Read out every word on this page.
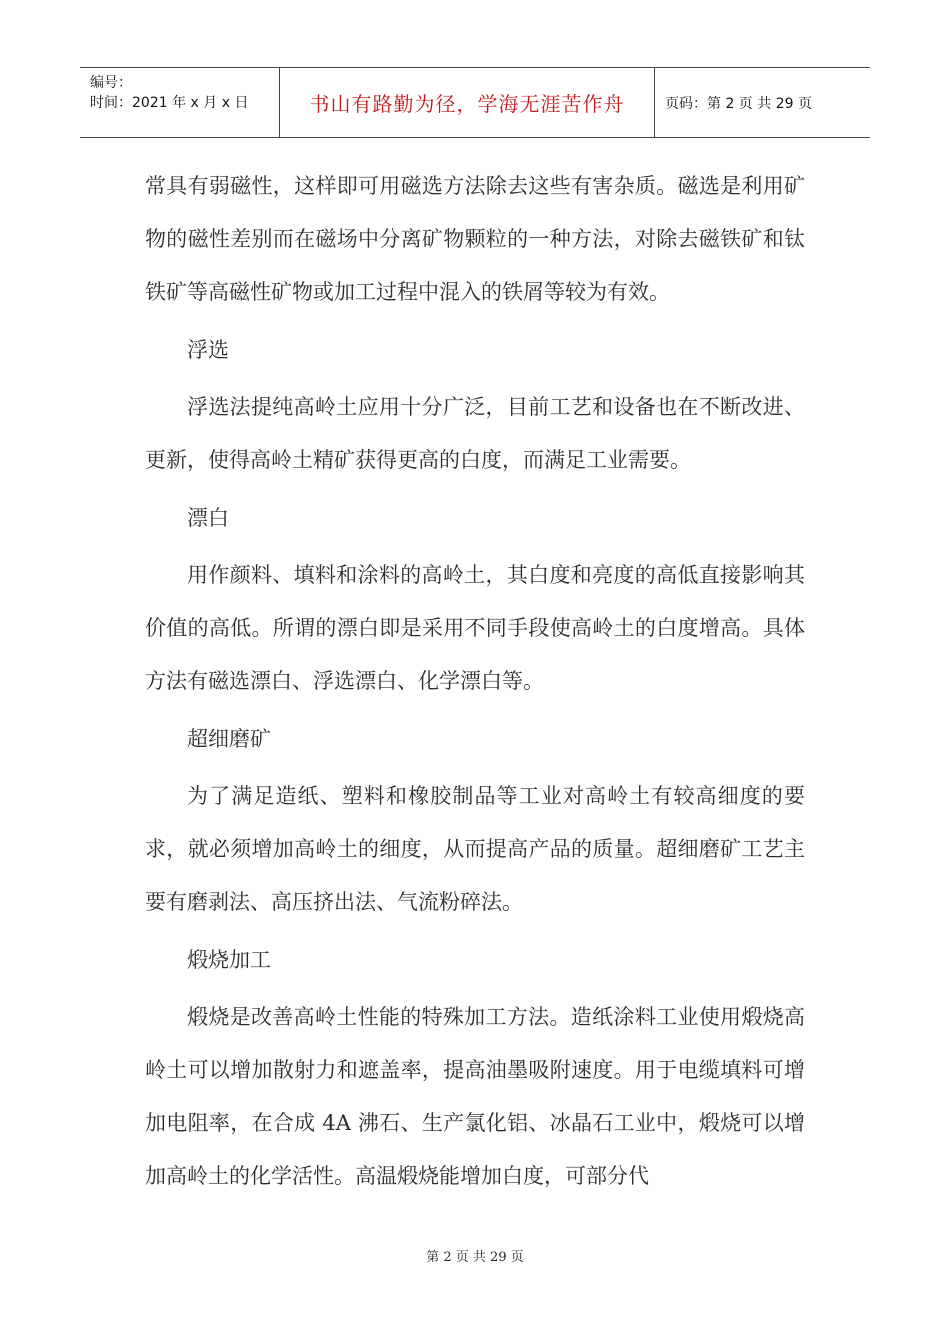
编号：
时间：2021 年 x 月 x 日	书山有路勤为径，学海无涯苦作舟	页码：第 2 页 共 29 页

常具有弱磁性，这样即可用磁选方法除去这些有害杂质。磁选是利用矿物的磁性差别而在磁场中分离矿物颗粒的一种方法，对除去磁铁矿和钛铁矿等高磁性矿物或加工过程中混入的铁屑等较为有效。

浮选

浮选法提纯高岭土应用十分广泛，目前工艺和设备也在不断改进、更新，使得高岭土精矿获得更高的白度，而满足工业需要。

漂白

用作颜料、填料和涂料的高岭土，其白度和亮度的高低直接影响其价值的高低。所谓的漂白即是采用不同手段使高岭土的白度增高。具体方法有磁选漂白、浮选漂白、化学漂白等。

超细磨矿

为了满足造纸、塑料和橡胶制品等工业对高岭土有较高细度的要求，就必须增加高岭土的细度，从而提高产品的质量。超细磨矿工艺主要有磨剥法、高压挤出法、气流粉碎法。

煅烧加工

煅烧是改善高岭土性能的特殊加工方法。造纸涂料工业使用煅烧高岭土可以增加散射力和遮盖率，提高油墨吸附速度。用于电缆填料可增加电阻率，在合成 4A 沸石、生产氯化铝、冰晶石工业中，煅烧可以增加高岭土的化学活性。高温煅烧能增加白度，可部分代

第 2 页 共 29 页
